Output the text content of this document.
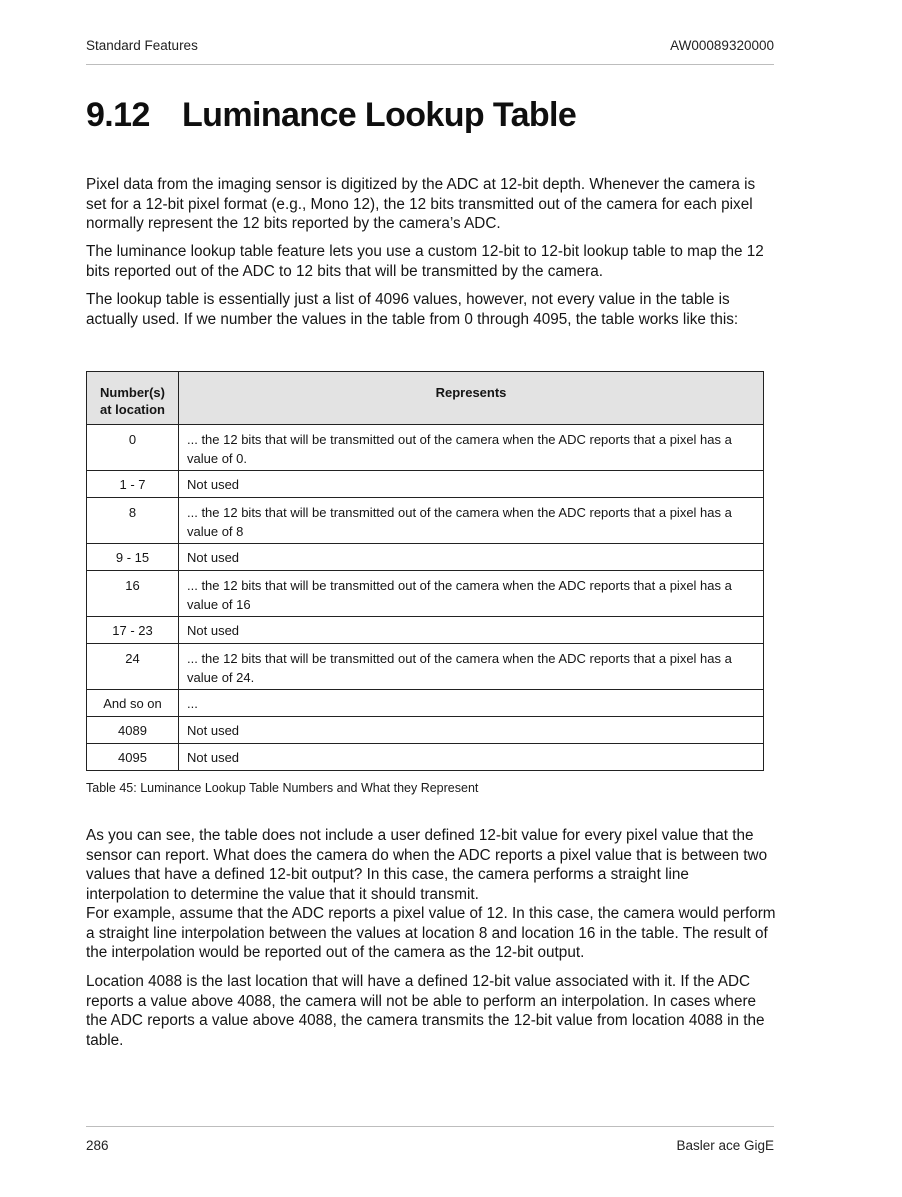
Standard Features	AW00089320000
9.12 Luminance Lookup Table

Pixel data from the imaging sensor is digitized by the ADC at 12-bit depth. Whenever the camera is set for a 12-bit pixel format (e.g., Mono 12), the 12 bits transmitted out of the camera for each pixel normally represent the 12 bits reported by the camera’s ADC.

The luminance lookup table feature lets you use a custom 12-bit to 12-bit lookup table to map the 12 bits reported out of the ADC to 12 bits that will be transmitted by the camera.

The lookup table is essentially just a list of 4096 values, however, not every value in the table is actually used. If we number the values in the table from 0 through 4095, the table works like this:

Number(s)
at location	Represents
0	... the 12 bits that will be transmitted out of the camera when the ADC reports that a pixel has a value of 0.
1 - 7	Not used
8	... the 12 bits that will be transmitted out of the camera when the ADC reports that a pixel has a value of 8
9 - 15	Not used
16	... the 12 bits that will be transmitted out of the camera when the ADC reports that a pixel has a value of 16
17 - 23	Not used
24	... the 12 bits that will be transmitted out of the camera when the ADC reports that a pixel has a value of 24.
And so on	...
4089	Not used
4095	Not used

Table 45: Luminance Lookup Table Numbers and What they Represent

As you can see, the table does not include a user defined 12-bit value for every pixel value that the sensor can report. What does the camera do when the ADC reports a pixel value that is between two values that have a defined 12-bit output? In this case, the camera performs a straight line interpolation to determine the value that it should transmit.

For example, assume that the ADC reports a pixel value of 12. In this case, the camera would perform a straight line interpolation between the values at location 8 and location 16 in the table. The result of the interpolation would be reported out of the camera as the 12-bit output.

Location 4088 is the last location that will have a defined 12-bit value associated with it. If the ADC reports a value above 4088, the camera will not be able to perform an interpolation. In cases where the ADC reports a value above 4088, the camera transmits the 12-bit value from location 4088 in the table.

286	Basler ace GigE
